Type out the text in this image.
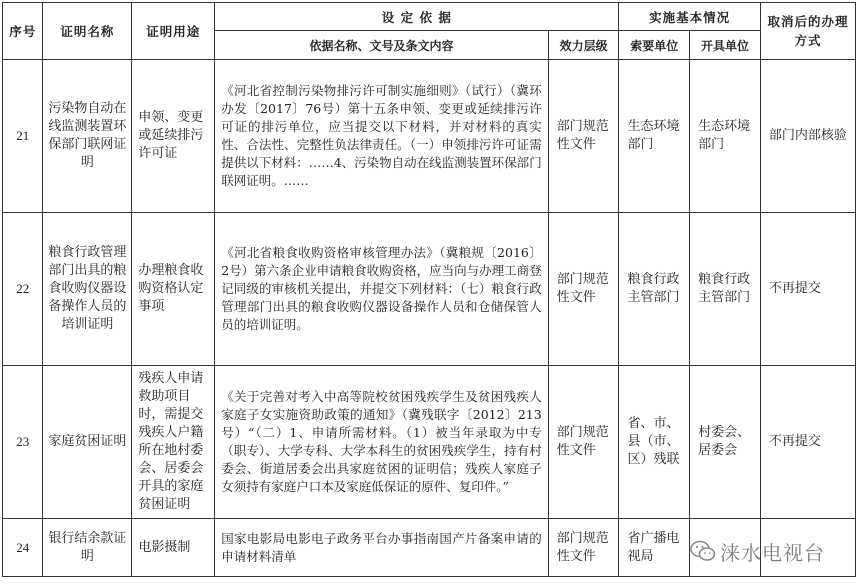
序号	证明名称	证明用途	设 定 依 据		实施基本情况		取消后的办理方式
			依据名称、文号及条文内容	效力层级	索要单位	开具单位	
21	污染物自动在线监测装置环保部门联网证明	申领、变更或延续排污许可证	《河北省控制污染物排污许可制实施细则》（试行）（冀环办发〔2017〕76号）第十五条申领、变更或延续排污许可证的排污单位，应当提交以下材料，并对材料的真实性、合法性、完整性负法律责任。（一）申领排污许可证需提供以下材料：……4、污染物自动在线监测装置环保部门联网证明。……	部门规范性文件	生态环境部门	生态环境部门	部门内部核验
22	粮食行政管理部门出具的粮食收购仪器设备操作人员的培训证明	办理粮食收购资格认定事项	《河北省粮食收购资格审核管理办法》（冀粮规〔2016〕2号）第六条企业申请粮食收购资格，应当向与办理工商登记同级的审核机关提出，并提交下列材料：（七）粮食行政管理部门出具的粮食收购仪器设备操作人员和仓储保管人员的培训证明。	部门规范性文件	粮食行政主管部门	粮食行政主管部门	不再提交
23	家庭贫困证明	残疾人申请救助项目时，需提交残疾人户籍所在地村委会、居委会开具的家庭贫困证明	《关于完善对考入中高等院校贫困残疾学生及贫困残疾人家庭子女实施资助政策的通知》（冀残联字〔2012〕213号）“（二）1、申请所需材料。（1）被当年录取为中专（职专）、大学专科、大学本科生的贫困残疾学生，持有村委会、街道居委会出具家庭贫困的证明信；残疾人家庭子女须持有家庭户口本及家庭低保证的原件、复印件。”	部门规范性文件	省、市、县（市、区）残联	村委会、居委会	不再提交
24	银行结余款证明	电影摄制	国家电影局电影电子政务平台办事指南国产片备案申请的申请材料清单	部门规范性文件	省广播电视局			涞水电视台
